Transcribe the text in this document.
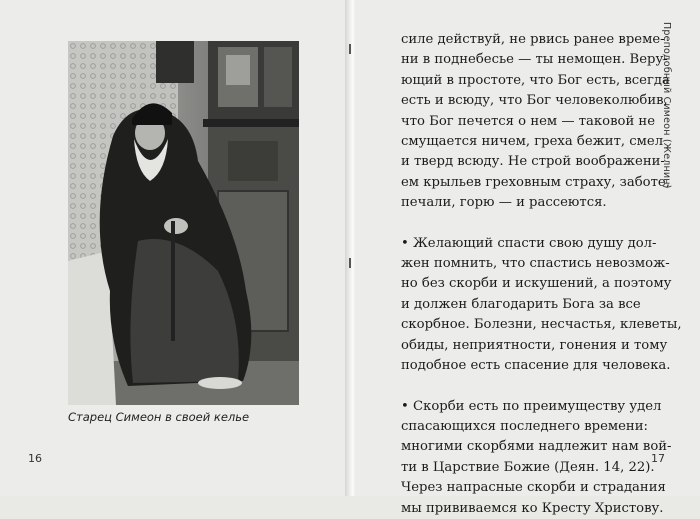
Старец Симеон в своей келье
16
Преподобный Симеон (Желнин)
силе действуй, не рвись ранее време-
ни в поднебесье — ты немощен. Веру-
ющий в простоте, что Бог есть, всегда
есть и всюду, что Бог человеколюбив,
что Бог печется о нем — таковой не
смущается ничем, греха бежит, смел
и тверд всюду. Не строй воображени-
ем крыльев греховным страху, заботе,
печали, горю — и рассеются.
• Желающий спасти свою душу дол-
жен помнить, что спастись невозмож-
но без скорби и искушений, а поэтому
и должен благодарить Бога за все
скорбное. Болезни, несчастья, клеветы,
обиды, неприятности, гонения и тому
подобное есть спасение для человека.
• Скорби есть по преимуществу удел
спасающихся последнего времени:
многими скорбями надлежит нам вой-
ти в Царствие Божие (Деян. 14, 22).
Через напрасные скорби и страдания
мы прививаемся ко Кресту Христову.
17
